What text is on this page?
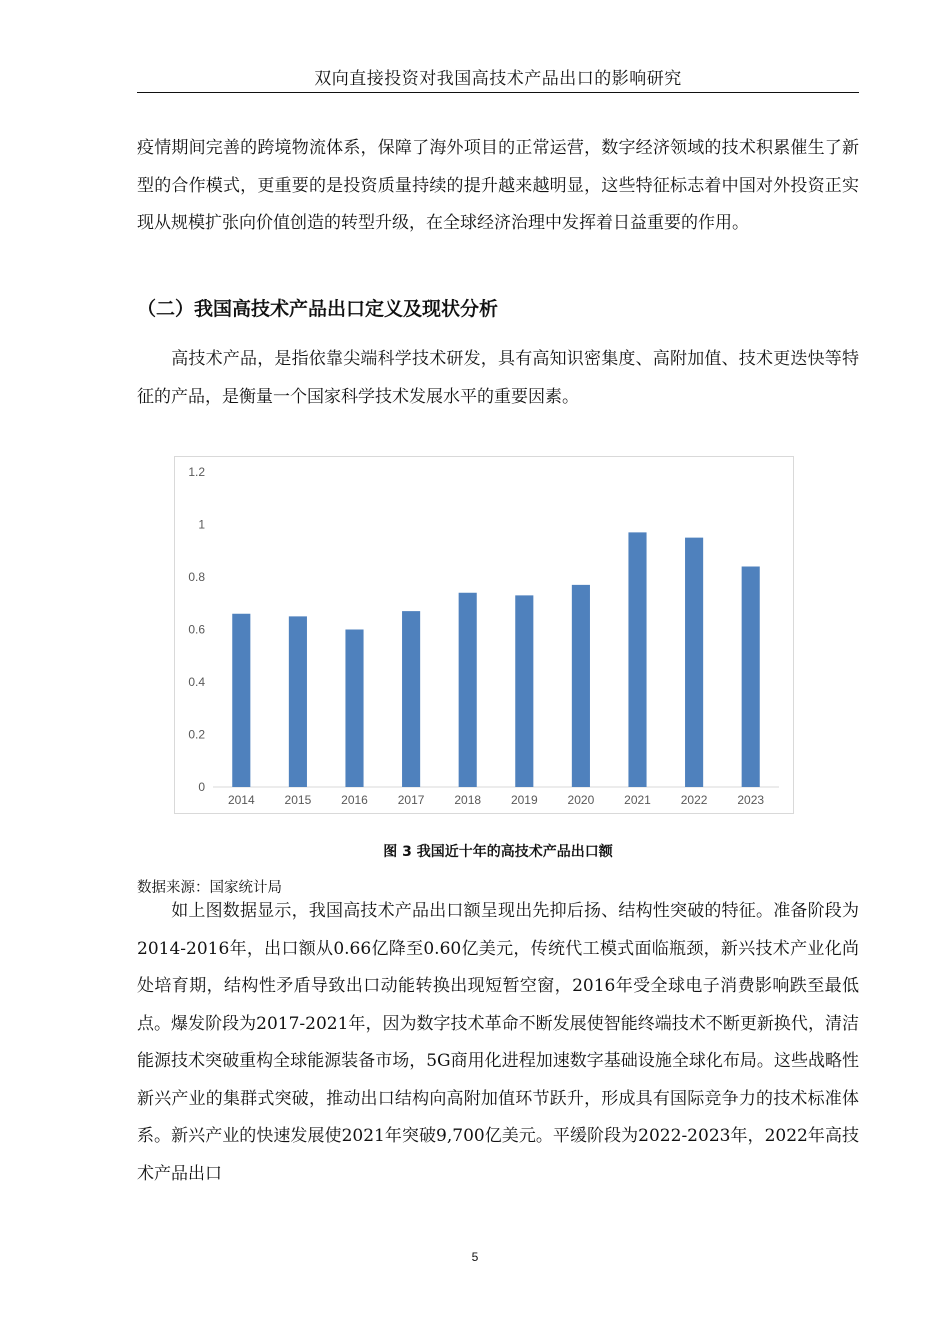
双向直接投资对我国高技术产品出口的影响研究

疫情期间完善的跨境物流体系，保障了海外项目的正常运营，数字经济领域的技术积累催生了新型的合作模式，更重要的是投资质量持续的提升越来越明显，这些特征标志着中国对外投资正实现从规模扩张向价值创造的转型升级，在全球经济治理中发挥着日益重要的作用。

（二）我国高技术产品出口定义及现状分析

高技术产品，是指依靠尖端科学技术研发，具有高知识密集度、高附加值、技术更迭快等特征的产品，是衡量一个国家科学技术发展水平的重要因素。

0
0.2
0.4
0.6
0.8
1
1.2
2014 2015 2016 2017 2018 2019 2020 2021 2022 2023
图 3 我国近十年的高技术产品出口额
数据来源：国家统计局

如上图数据显示，我国高技术产品出口额呈现出先抑后扬、结构性突破的特征。准备阶段为2014-2016年，出口额从0.66亿降至0.60亿美元，传统代工模式面临瓶颈，新兴技术产业化尚处培育期，结构性矛盾导致出口动能转换出现短暂空窗，2016年受全球电子消费影响跌至最低点。爆发阶段为2017-2021年，因为数字技术革命不断发展使智能终端技术不断更新换代，清洁能源技术突破重构全球能源装备市场，5G商用化进程加速数字基础设施全球化布局。这些战略性新兴产业的集群式突破，推动出口结构向高附加值环节跃升，形成具有国际竞争力的技术标准体系。新兴产业的快速发展使2021年突破9,700亿美元。平缓阶段为2022-2023年，2022年高技术产品出口

5
